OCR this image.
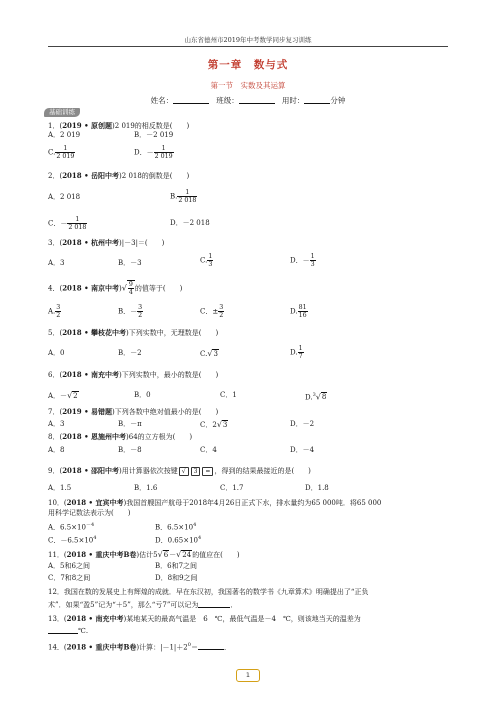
山东省德州市2019年中考数学同步复习训练
第一章　数与式
第一节　实数及其运算
姓名：	班级：	用时：	分钟
基础训练
1．(2019 • 原创题)2 019的相反数是(　　)
A．2 019	B．－2 019
C. $\frac{1}{2 019}$	D．－ $\frac{1}{2 019}$
2．(2018 • 岳阳中考)2 018的倒数是(　　)
A．2 018	B. $\frac{1}{2 018}$
C．－ $\frac{1}{2 018}$	D．－2 018
3．(2018 • 杭州中考)|－3|＝(　　)
A．3	B．－3	C. $\frac{1}{3}$	D．－ $\frac{1}{3}$
4．(2018 • 南京中考)√ $\frac{9}{4}$ 的值等于(　　)
A. $\frac{3}{2}$	B．－ $\frac{3}{2}$	C．± $\frac{3}{2}$	D. $\frac{81}{16}$
5．(2018 • 攀枝花中考)下列实数中，无理数是(　　)
A．0	B．－2	C.√3	D. $\frac{1}{7}$
6．(2018 • 南充中考)下列实数中，最小的数是(　　)
A．－√2	B．0	C．1	D.$^3$√8
7．(2019 • 易错题)下列各数中绝对值最小的是(　　)
A．3	B．－π	C．2√3	D．－2
8．(2018 • 恩施州中考)64的立方根为(　　)
A．8	B．－8	C．4	D．－4
9．(2018 • 邵阳中考)用计算器依次按键 √ 3 = ，得到的结果最接近的是(　　)
A．1.5	B．1.6	C．1.7	D．1.8
10．(2018 • 宜宾中考)我国首艘国产航母于2018年4月26日正式下水，排水量约为65 000吨．将65 000
用科学记数法表示为(　　)
A．$6.5\times 10^{-4}$	B．$6.5\times 10^4$
C．$-6.5\times 10^4$	D．$0.65\times 10^4$
11．(2018 • 重庆中考B卷)估计5√6－√24的值应在(　　)
A．5和6之间	B．6和7之间
C．7和8之间	D．8和9之间
12．我国在数的发展史上有辉煌的成就．早在东汉初，我国著名的数学书《九章算术》明确提出了“正负
术”．如果“盈5”记为“＋5”，那么“亏7”可以记为	．
13．(2018 • 南充中考)某地某天的最高气温是　6　℃，最低气温是－4　℃，则该地当天的温差为
℃.
14．(2018 • 重庆中考B卷)计算：$|-1|+2^0=$	．
1
